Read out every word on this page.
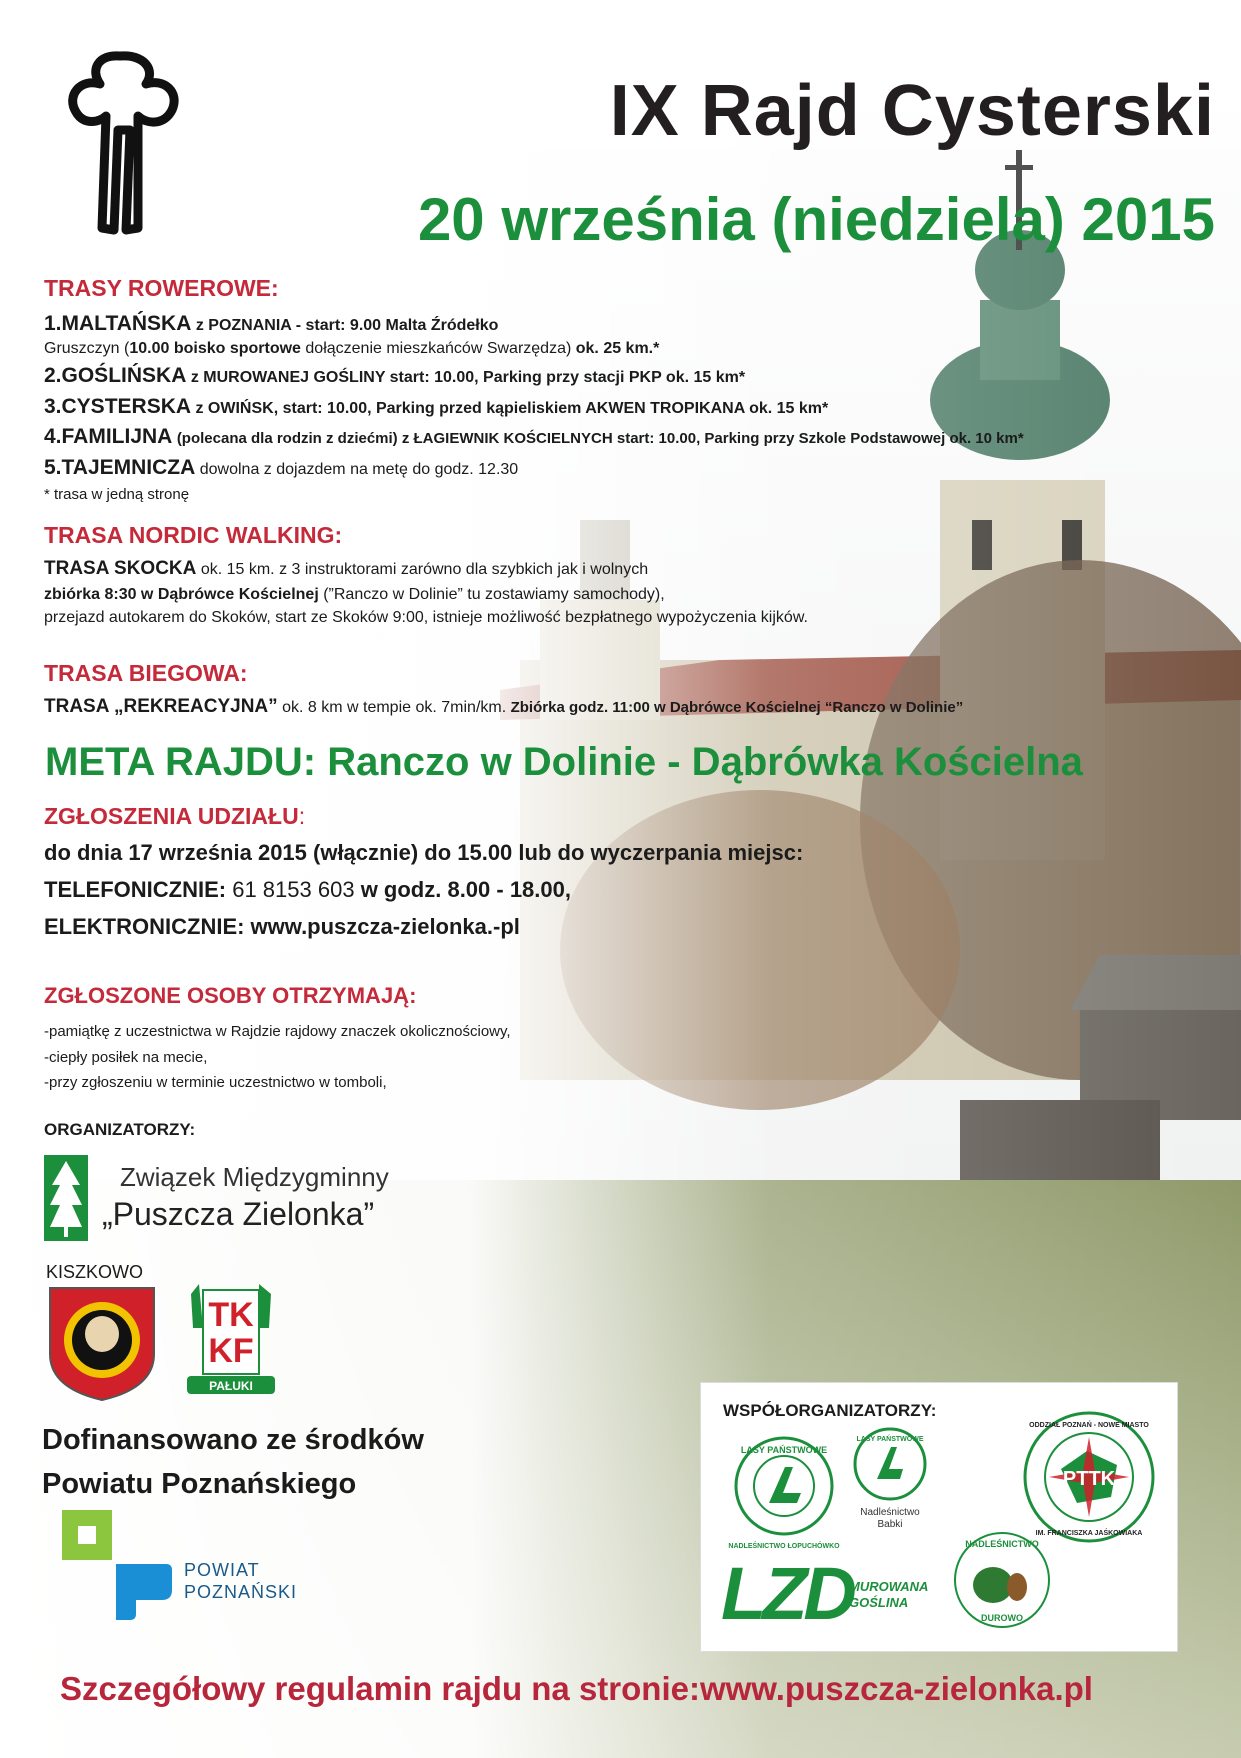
IX Rajd Cysterski
20 września (niedziela) 2015
TRASY ROWEROWE:
1.MALTAŃSKA z POZNANIA - start: 9.00 Malta Źródełko
Gruszczyn (10.00 boisko sportowe dołączenie mieszkańców Swarzędza) ok. 25 km.*
2.GOŚLIŃSKA z MUROWANEJ GOŚLINY start: 10.00, Parking przy stacji PKP ok. 15 km*
3.CYSTERSKA z OWIŃSK, start: 10.00, Parking przed kąpieliskiem AKWEN TROPIKANA ok. 15 km*
4.FAMILIJNA (polecana dla rodzin z dziećmi) z ŁAGIEWNIK KOŚCIELNYCH start: 10.00, Parking przy Szkole Podstawowej ok. 10 km*
5.TAJEMNICZA dowolna z dojazdem na metę do godz. 12.30
* trasa w jedną stronę
TRASA NORDIC WALKING:
TRASA SKOCKA ok. 15 km. z 3 instruktorami zarówno dla szybkich jak i wolnych
zbiórka 8:30 w Dąbrówce Kościelnej (”Ranczo w Dolinie” tu zostawiamy samochody),
przejazd autokarem do Skoków, start ze Skoków 9:00, istnieje możliwość bezpłatnego wypożyczenia kijków.
TRASA BIEGOWA:
TRASA „REKREACYJNA” ok. 8 km w tempie ok. 7min/km. Zbiórka godz. 11:00 w Dąbrówce Kościelnej “Ranczo w Dolinie”
META RAJDU: Ranczo w Dolinie - Dąbrówka Kościelna
ZGŁOSZENIA UDZIAŁU:
do dnia 17 września 2015 (włącznie) do 15.00 lub do wyczerpania miejsc:
TELEFONICZNIE: 61 8153 603 w godz. 8.00 - 18.00,
ELEKTRONICZNIE: www.puszcza-zielonka.-pl
ZGŁOSZONE OSOBY OTRZYMAJĄ:
-pamiątkę z uczestnictwa w Rajdzie rajdowy znaczek okolicznościowy,
-ciepły posiłek na mecie,
-przy zgłoszeniu w terminie uczestnictwo w tomboli,
ORGANIZATORZY:
Związek Międzygminny
„Puszcza Zielonka”
KISZKOWO
TK
KF
PAŁUKI
Dofinansowano ze środków
Powiatu Poznańskiego
POWIAT
POZNAŃSKI
WSPÓŁORGANIZATORZY:
LASY PAŃSTWOWE
NADLEŚNICTWO ŁOPUCHÓWKO
LASY PAŃSTWOWE
Nadleśnictwo
Babki
PTTK
ODDZIAŁ POZNAŃ - NOWE MIASTO
IM. FRANCISZKA JAŚKOWIAKA
LZD
MUROWANA
GOŚLINA
NADLEŚNICTWO
DUROWO
Szczegółowy regulamin rajdu na stronie:www.puszcza-zielonka.pl
